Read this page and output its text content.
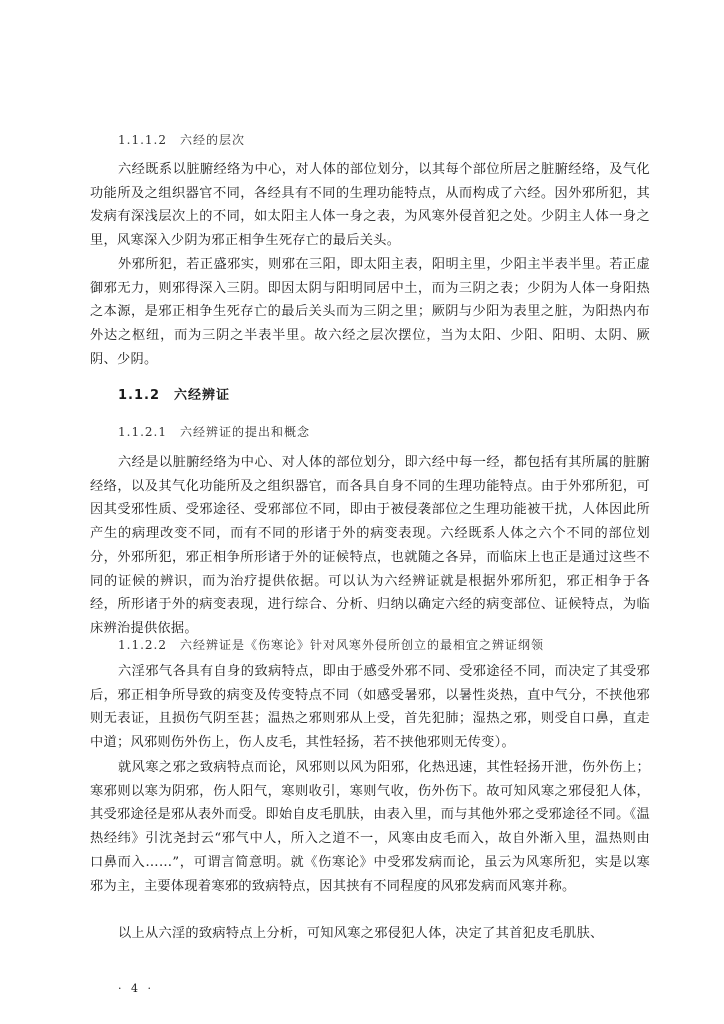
1.1.1.2　六经的层次

六经既系以脏腑经络为中心，对人体的部位划分，以其每个部位所居之脏腑经络，及气化功能所及之组织器官不同，各经具有不同的生理功能特点，从而构成了六经。因外邪所犯，其发病有深浅层次上的不同，如太阳主人体一身之表，为风寒外侵首犯之处。少阴主人体一身之里，风寒深入少阴为邪正相争生死存亡的最后关头。

外邪所犯，若正盛邪实，则邪在三阳，即太阳主表，阳明主里，少阳主半表半里。若正虚御邪无力，则邪得深入三阴。即因太阴与阳明同居中土，而为三阴之表；少阴为人体一身阳热之本源，是邪正相争生死存亡的最后关头而为三阴之里；厥阴与少阳为表里之脏，为阳热内布外达之枢纽，而为三阴之半表半里。故六经之层次摆位，当为太阳、少阳、阳明、太阴、厥阴、少阴。

1.1.2　六经辨证
1.1.2.1　六经辨证的提出和概念

六经是以脏腑经络为中心、对人体的部位划分，即六经中每一经，都包括有其所属的脏腑经络，以及其气化功能所及之组织器官，而各具自身不同的生理功能特点。由于外邪所犯，可因其受邪性质、受邪途径、受邪部位不同，即由于被侵袭部位之生理功能被干扰，人体因此所产生的病理改变不同，而有不同的形诸于外的病变表现。六经既系人体之六个不同的部位划分，外邪所犯，邪正相争所形诸于外的证候特点，也就随之各异，而临床上也正是通过这些不同的证候的辨识，而为治疗提供依据。可以认为六经辨证就是根据外邪所犯，邪正相争于各经，所形诸于外的病变表现，进行综合、分析、归纳以确定六经的病变部位、证候特点，为临床辨治提供依据。

1.1.2.2　六经辨证是《伤寒论》针对风寒外侵所创立的最相宜之辨证纲领

六淫邪气各具有自身的致病特点，即由于感受外邪不同、受邪途径不同，而决定了其受邪后，邪正相争所导致的病变及传变特点不同（如感受暑邪，以暑性炎热，直中气分，不挟他邪则无表证，且损伤气阴至甚；温热之邪则邪从上受，首先犯肺；湿热之邪，则受自口鼻，直走中道；风邪则伤外伤上，伤人皮毛，其性轻扬，若不挟他邪则无传变）。

就风寒之邪之致病特点而论，风邪则以风为阳邪，化热迅速，其性轻扬开泄，伤外伤上；寒邪则以寒为阴邪，伤人阳气，寒则收引，寒则气收，伤外伤下。故可知风寒之邪侵犯人体，其受邪途径是邪从表外而受。即始自皮毛肌肤，由表入里，而与其他外邪之受邪途径不同。《温热经纬》引沈尧封云“邪气中人，所入之道不一，风寒由皮毛而入，故自外渐入里，温热则由口鼻而入……”，可谓言简意明。就《伤寒论》中受邪发病而论，虽云为风寒所犯，实是以寒邪为主，主要体现着寒邪的致病特点，因其挟有不同程度的风邪发病而风寒并称。

以上从六淫的致病特点上分析，可知风寒之邪侵犯人体，决定了其首犯皮毛肌肤、

· 4 ·
